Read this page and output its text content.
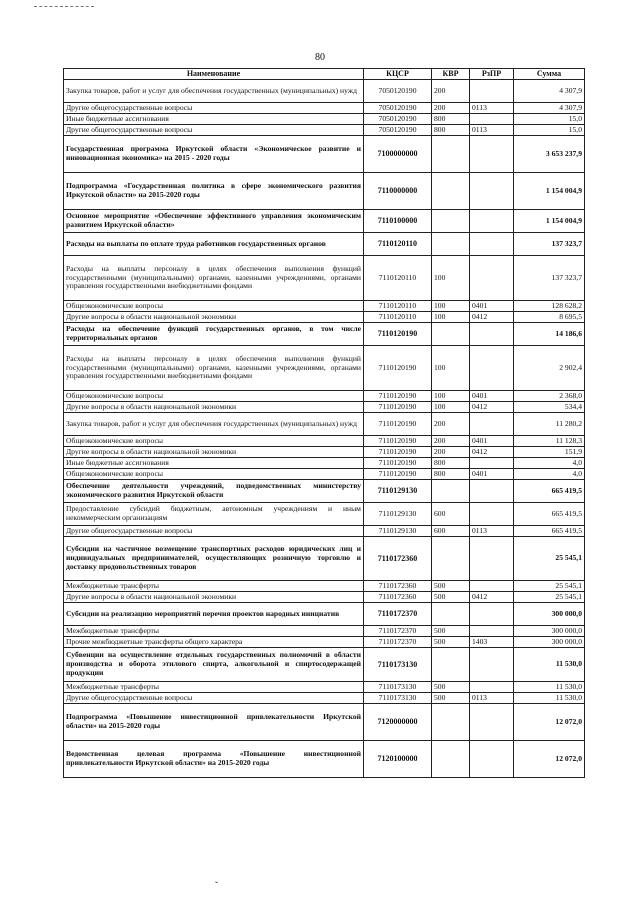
80
Наименование	КЦСР	КВР	РзПР	Сумма
Закупка товаров, работ и услуг для обеспечения государственных (муниципальных) нужд	7050120190	200		4 307,9
Другие общегосударственные вопросы	7050120190	200	0113	4 307,9
Иные бюджетные ассигнования	7050120190	800		15,0
Другие общегосударственные вопросы	7050120190	800	0113	15,0
Государственная программа Иркутской области «Экономическое развитие и инновационная экономика» на 2015 - 2020 годы	7100000000			3 653 237,9
Подпрограмма «Государственная политика в сфере экономического развития Иркутской области» на 2015-2020 годы	7110000000			1 154 004,9
Основное мероприятие «Обеспечение эффективного управления экономическим развитием Иркутской области»	7110100000			1 154 004,9
Расходы на выплаты по оплате труда работников государственных органов	7110120110			137 323,7
Расходы на выплаты персоналу в целях обеспечения выполнения функций государственными (муниципальными) органами, казенными учреждениями, органами управления государственными внебюджетными фондами	7110120110	100		137 323,7
Общеэкономические вопросы	7110120110	100	0401	128 628,2
Другие вопросы в области национальной экономики	7110120110	100	0412	8 695,5
Расходы на обеспечение функций государственных органов, в том числе территориальных органов	7110120190			14 186,6
Расходы на выплаты персоналу в целях обеспечения выполнения функций государственными (муниципальными) органами, казенными учреждениями, органами управления государственными внебюджетными фондами	7110120190	100		2 902,4
Общеэкономические вопросы	7110120190	100	0401	2 368,0
Другие вопросы в области национальной экономики	7110120190	100	0412	534,4
Закупка товаров, работ и услуг для обеспечения государственных (муниципальных) нужд	7110120190	200		11 280,2
Общеэкономические вопросы	7110120190	200	0401	11 128,3
Другие вопросы в области национальной экономики	7110120190	200	0412	151,9
Иные бюджетные ассигнования	7110120190	800		4,0
Общеэкономические вопросы	7110120190	800	0401	4,0
Обеспечение деятельности учреждений, подведомственных министерству экономического развития Иркутской области	7110129130			665 419,5
Предоставление субсидий бюджетным, автономным учреждениям и иным некоммерческим организациям	7110129130	600		665 419,5
Другие общегосударственные вопросы	7110129130	600	0113	665 419,5
Субсидии на частичное возмещение транспортных расходов юридических лиц и индивидуальных предпринимателей, осуществляющих розничную торговлю и доставку продовольственных товаров	7110172360			25 545,1
Межбюджетные трансферты	7110172360	500		25 545,1
Другие вопросы в области национальной экономики	7110172360	500	0412	25 545,1
Субсидии на реализацию мероприятий перечня проектов народных инициатив	7110172370			300 000,0
Межбюджетные трансферты	7110172370	500		300 000,0
Прочие межбюджетные трансферты общего характера	7110172370	500	1403	300 000,0
Субвенции на осуществление отдельных государственных полномочий в области производства и оборота этилового спирта, алкогольной и спиртосодержащей продукции	7110173130			11 530,0
Межбюджетные трансферты	7110173130	500		11 530,0
Другие общегосударственные вопросы	7110173130	500	0113	11 530,0
Подпрограмма «Повышение инвестиционной привлекательности Иркутской области» на 2015-2020 годы	7120000000			12 072,0
Ведомственная целевая программа «Повышение инвестиционной привлекательности Иркутской области» на 2015-2020 годы	7120100000			12 072,0
ˇ
